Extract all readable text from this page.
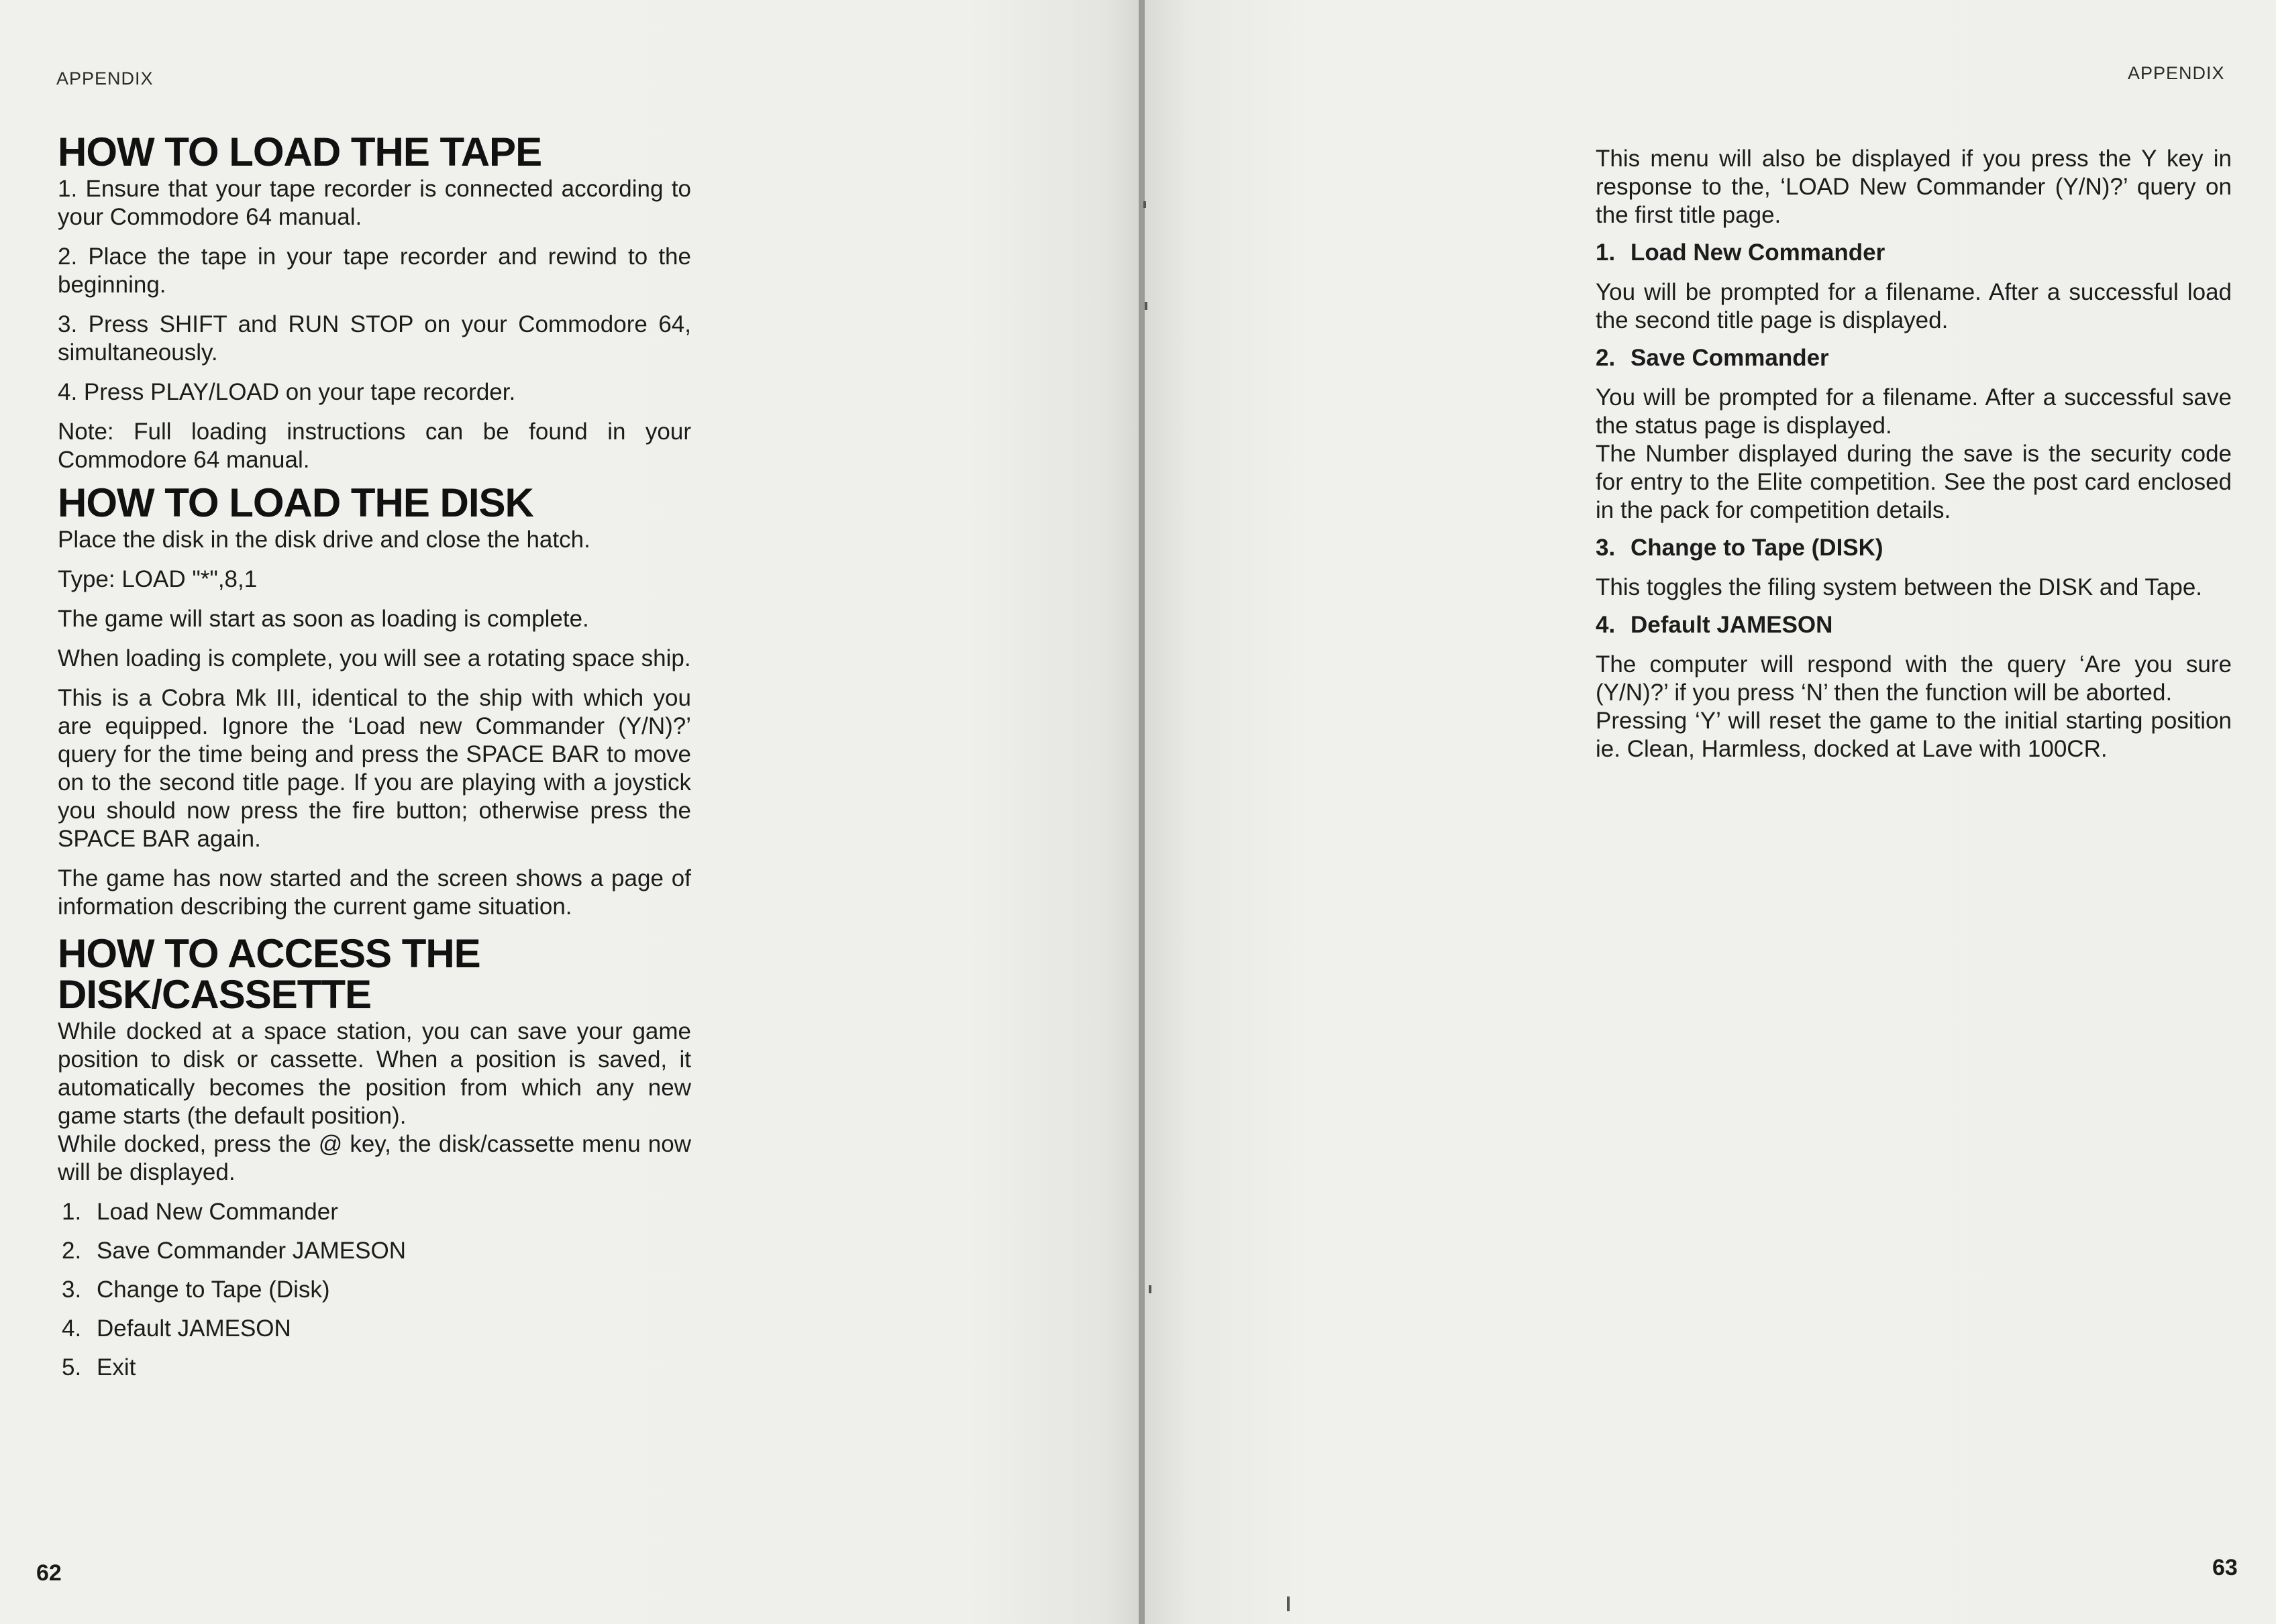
APPENDIX
HOW TO LOAD THE TAPE

1. Ensure that your tape recorder is connected according to your Commodore 64 manual.

2. Place the tape in your tape recorder and rewind to the beginning.

3. Press SHIFT and RUN STOP on your Commodore 64, simultaneously.

4. Press PLAY/LOAD on your tape recorder.

Note: Full loading instructions can be found in your Commodore 64 manual.

HOW TO LOAD THE DISK

Place the disk in the disk drive and close the hatch.

Type: LOAD "*",8,1

The game will start as soon as loading is complete.

When loading is complete, you will see a rotating space ship.

This is a Cobra Mk III, identical to the ship with which you are equipped. Ignore the ‘Load new Commander (Y/N)?’ query for the time being and press the SPACE BAR to move on to the second title page. If you are playing with a joystick you should now press the fire button; otherwise press the SPACE BAR again.

The game has now started and the screen shows a page of information describing the current game situation.

HOW TO ACCESS THE
DISK/CASSETTE

While docked at a space station, you can save your game position to disk or cassette. When a position is saved, it automatically becomes the position from which any new game starts (the default position).

While docked, press the @ key, the disk/cassette menu now will be displayed.

1. Load New Commander
2. Save Commander JAMESON
3. Change to Tape (Disk)
4. Default JAMESON
5. Exit
62
APPENDIX

This menu will also be displayed if you press the Y key in response to the, ‘LOAD New Commander (Y/N)?’ query on the first title page.

1. Load New Commander

You will be prompted for a filename. After a successful load the second title page is displayed.

2. Save Commander

You will be prompted for a filename. After a successful save the status page is displayed.

The Number displayed during the save is the security code for entry to the Elite competition. See the post card enclosed in the pack for competition details.

3. Change to Tape (DISK)

This toggles the filing system between the DISK and Tape.

4. Default JAMESON

The computer will respond with the query ‘Are you sure (Y/N)?’ if you press ‘N’ then the function will be aborted.

Pressing ‘Y’ will reset the game to the initial starting position ie. Clean, Harmless, docked at Lave with 100CR.

63
